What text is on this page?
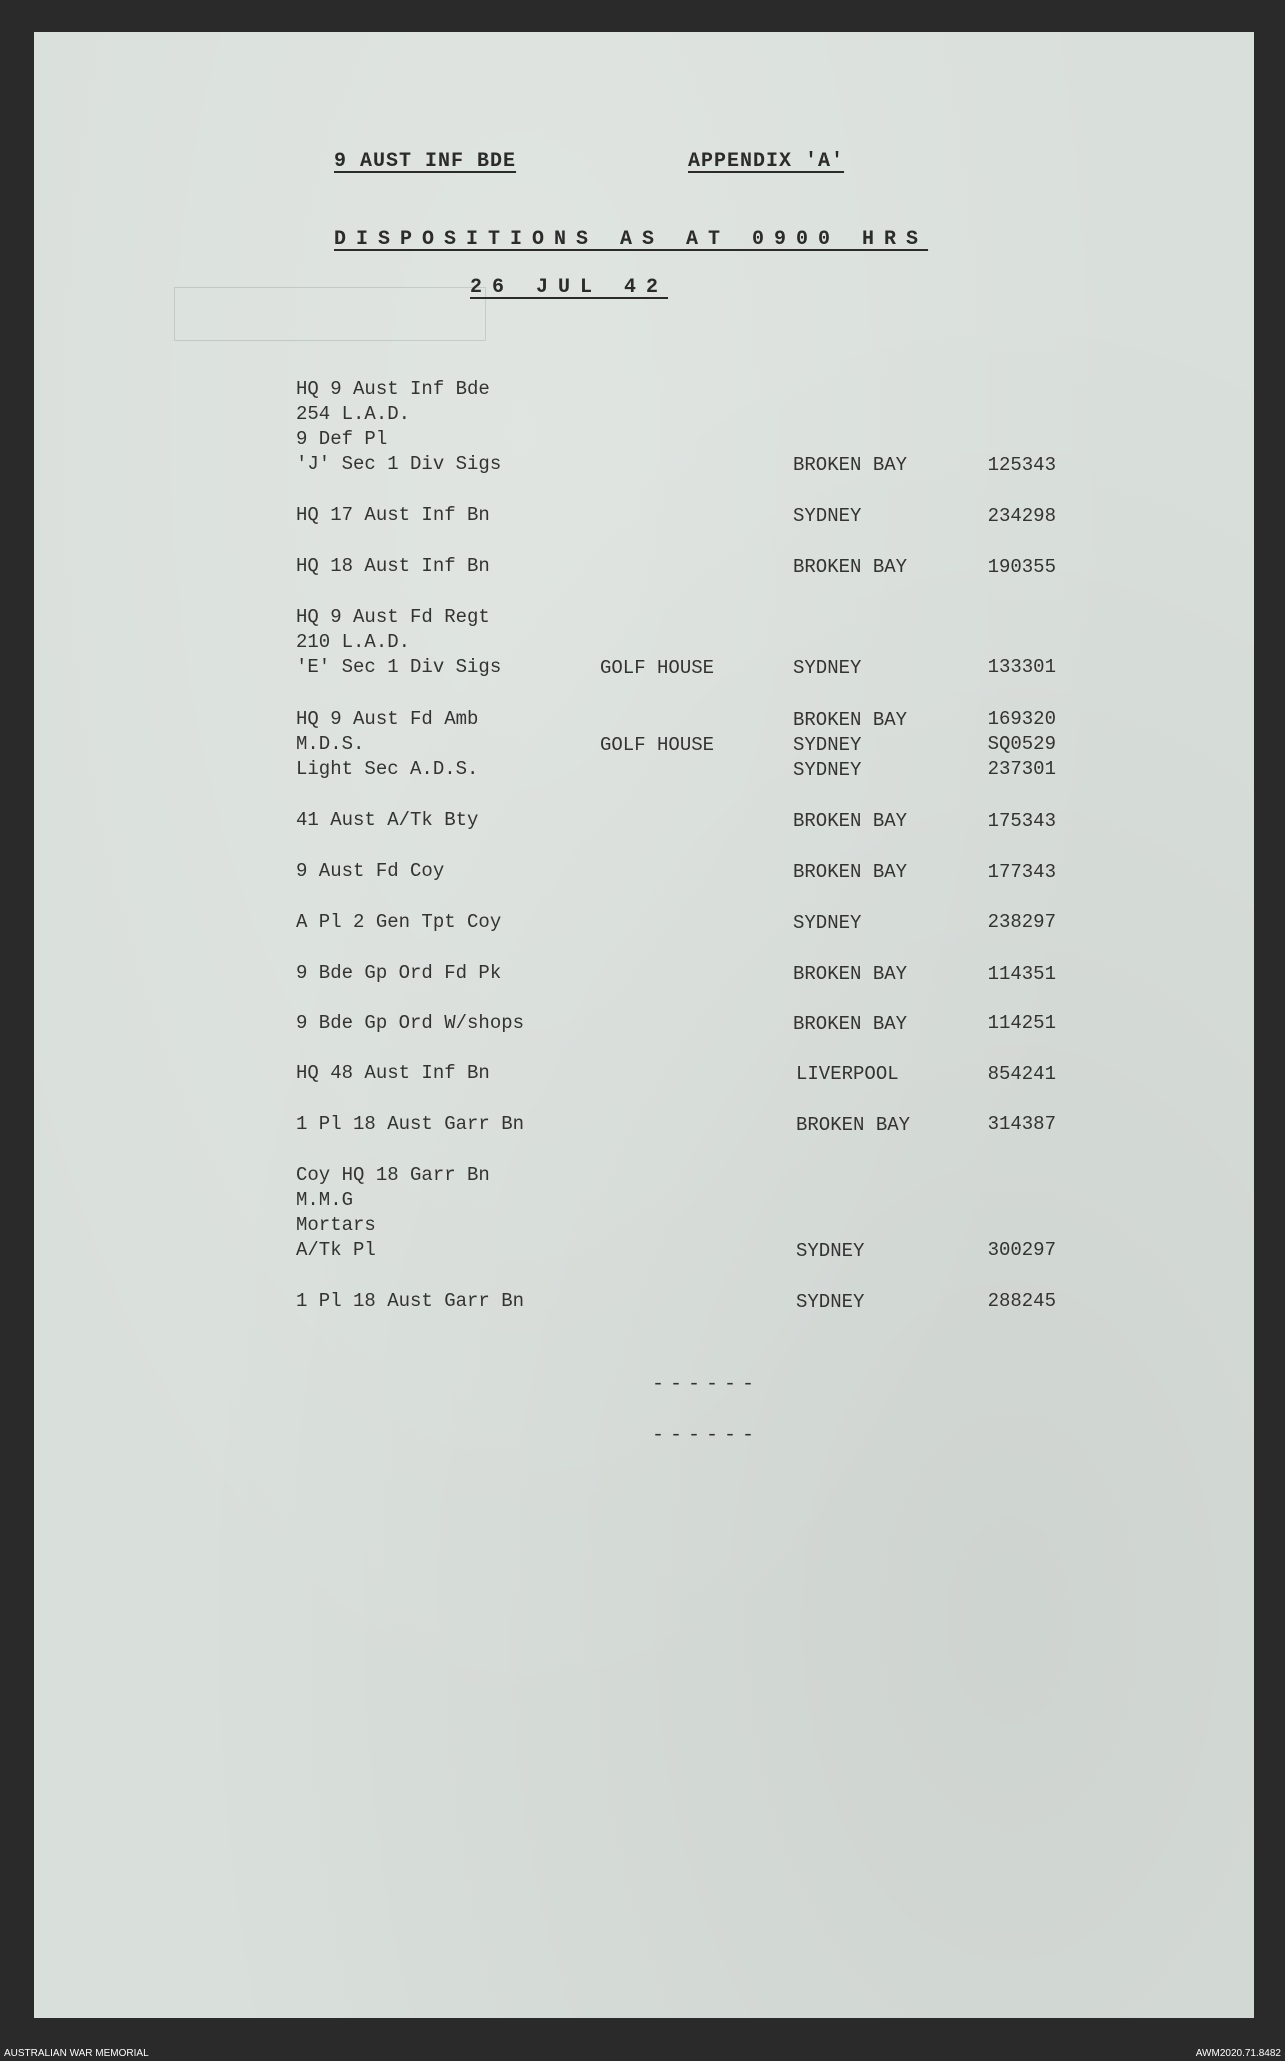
9 AUST INF BDE	APPENDIX 'A'
DISPOSITIONS AS AT 0900 HRS
26 JUL 42
HQ 9 Aust Inf Bde
254 L.A.D.
9 Def Pl
'J' Sec 1 Div Sigs	BROKEN BAY	125343
HQ 17 Aust Inf Bn	SYDNEY	234298
HQ 18 Aust Inf Bn	BROKEN BAY	190355
HQ 9 Aust Fd Regt
210 L.A.D.
'E' Sec 1 Div Sigs	GOLF HOUSE	SYDNEY	133301
HQ 9 Aust Fd Amb	BROKEN BAY	169320
M.D.S.	GOLF HOUSE	SYDNEY	SQ0529
Light Sec A.D.S.	SYDNEY	237301
41 Aust A/Tk Bty	BROKEN BAY	175343
9 Aust Fd Coy	BROKEN BAY	177343
A Pl 2 Gen Tpt Coy	SYDNEY	238297
9 Bde Gp Ord Fd Pk	BROKEN BAY	114351
9 Bde Gp Ord W/shops	BROKEN BAY	114251
HQ 48 Aust Inf Bn	LIVERPOOL	854241
1 Pl 18 Aust Garr Bn	BROKEN BAY	314387
Coy HQ 18 Garr Bn
M.M.G
Mortars
A/Tk Pl	SYDNEY	300297
1 Pl 18 Aust Garr Bn	SYDNEY	288245
------
------
AUSTRALIAN WAR MEMORIAL	AWM2020.71.8482
